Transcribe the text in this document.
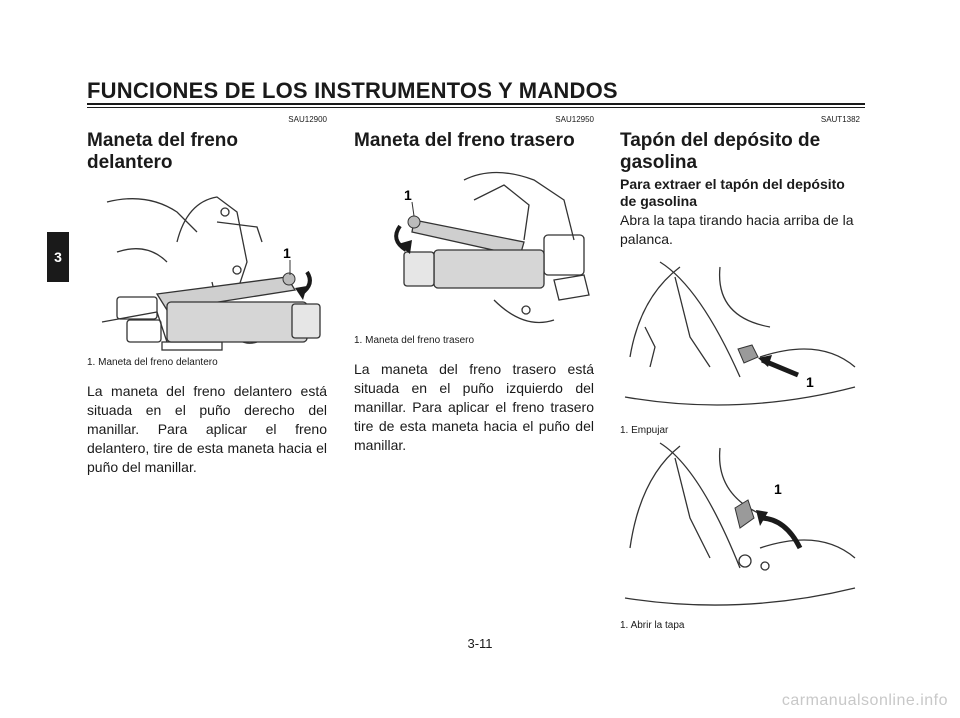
FUNCIONES DE LOS INSTRUMENTOS Y MANDOS
3
SAU12900
Maneta del freno delantero
1

1. Maneta del freno delantero

La maneta del freno delantero está situada en el puño derecho del manillar. Para aplicar el freno delantero, tire de esta maneta hacia el puño del manillar.

SAU12950
Maneta del freno trasero
1

1. Maneta del freno trasero

La maneta del freno trasero está situada en el puño izquierdo del manillar. Para aplicar el freno trasero tire de esta maneta hacia el puño del manillar.

SAUT1382
Tapón del depósito de gasolina

Para extraer el tapón del depósito de gasolina

Abra la tapa tirando hacia arriba de la palanca.

1

1. Empujar

1

1. Abrir la tapa

3-11
carmanualsonline.info
